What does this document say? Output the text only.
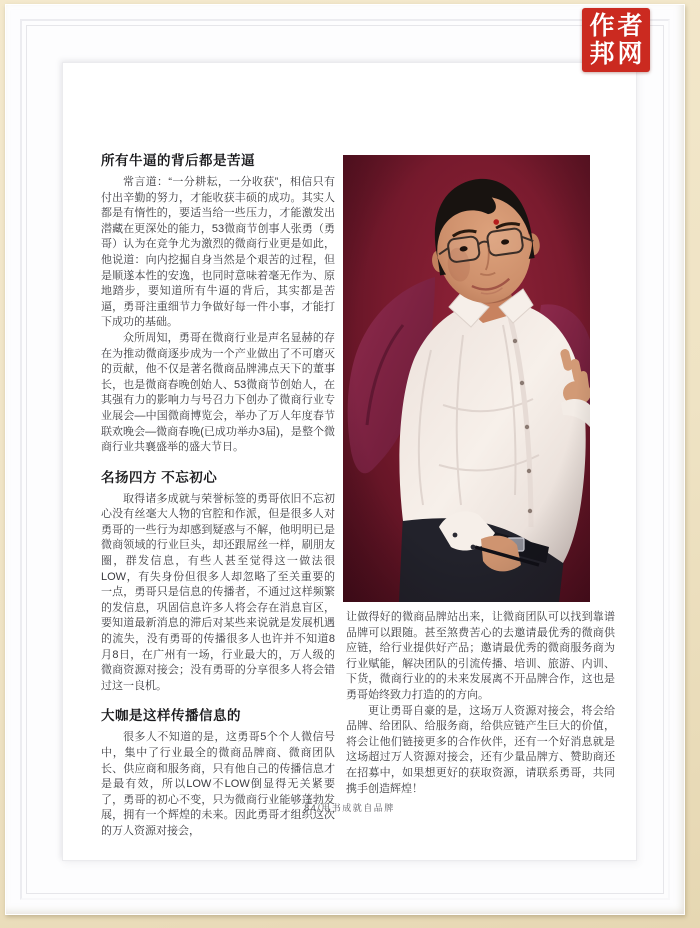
所有牛逼的背后都是苦逼

常言道：“一分耕耘，一分收获”，相信只有付出辛勤的努力，才能收获丰硕的成功。其实人都是有惰性的，要适当给一些压力，才能激发出潜藏在更深处的能力，53微商节创事人张勇（勇哥）认为在竞争尤为激烈的微商行业更是如此，他说道：向内挖掘自身当然是个艰苦的过程，但是顺遂本性的安逸，也同时意味着毫无作为、原地踏步，要知道所有牛逼的背后，其实都是苦逼，勇哥注重细节力争做好每一件小事，才能打下成功的基础。

众所周知，勇哥在微商行业是声名显赫的存在为推动微商逐步成为一个产业做出了不可磨灭的贡献，他不仅是著名微商品牌沸点天下的董事长，也是微商春晚创始人、53微商节创始人，在其强有力的影响力与号召力下创办了微商行业专业展会—中国微商博览会，举办了万人年度春节联欢晚会—微商春晚(已成功举办3届)，是整个微商行业共襄盛举的盛大节日。

名扬四方 不忘初心

取得诸多成就与荣誉标签的勇哥依旧不忘初心没有丝毫大人物的官腔和作派，但是很多人对勇哥的一些行为却感到疑惑与不解，他明明已是微商领域的行业巨头，却还跟屌丝一样，刷朋友圈，群发信息，有些人甚至觉得这一做法很LOW，有失身份但很多人却忽略了至关重要的一点，勇哥只是信息的传播者，不通过这样频繁的发信息，巩固信息许多人将会存在消息盲区，要知道最新消息的滞后对某些来说就是发展机遇的流失，没有勇哥的传播很多人也许并不知道8月8日，在广州有一场，行业最大的，万人级的微商资源对接会；没有勇哥的分享很多人将会错过这一良机。

大咖是这样传播信息的

很多人不知道的是，这勇哥5个个人微信号中，集中了行业最全的微商品牌商、微商团队长、供应商和服务商，只有他自己的传播信息才是最有效，所以LOW不LOW倒显得无关紧要了，勇哥的初心不变，只为微商行业能够蓬勃发展，拥有一个辉煌的未来。因此勇哥才组织这次的万人资源对接会，

让做得好的微商品牌站出来，让微商团队可以找到靠谱品牌可以跟随。甚至煞费苦心的去邀请最优秀的微商供应链，给行业提供好产品；邀请最优秀的微商服务商为行业赋能，解决团队的引流传播、培训、旅游、内训、下货，微商行业的的未来发展离不开品牌合作，这也是勇哥始终致力打造的的方向。

更让勇哥自豪的是，这场万人资源对接会，将会给品牌、给团队、给服务商，给供应链产生巨大的价值，将会让他们链接更多的合作伙伴，还有一个好消息就是这场超过万人资源对接会，还有少量品牌方、赞助商还在招募中，如果想更好的获取资源，请联系勇哥，共同携手创造辉煌！

84/用书成就自品牌
作者
邦网
